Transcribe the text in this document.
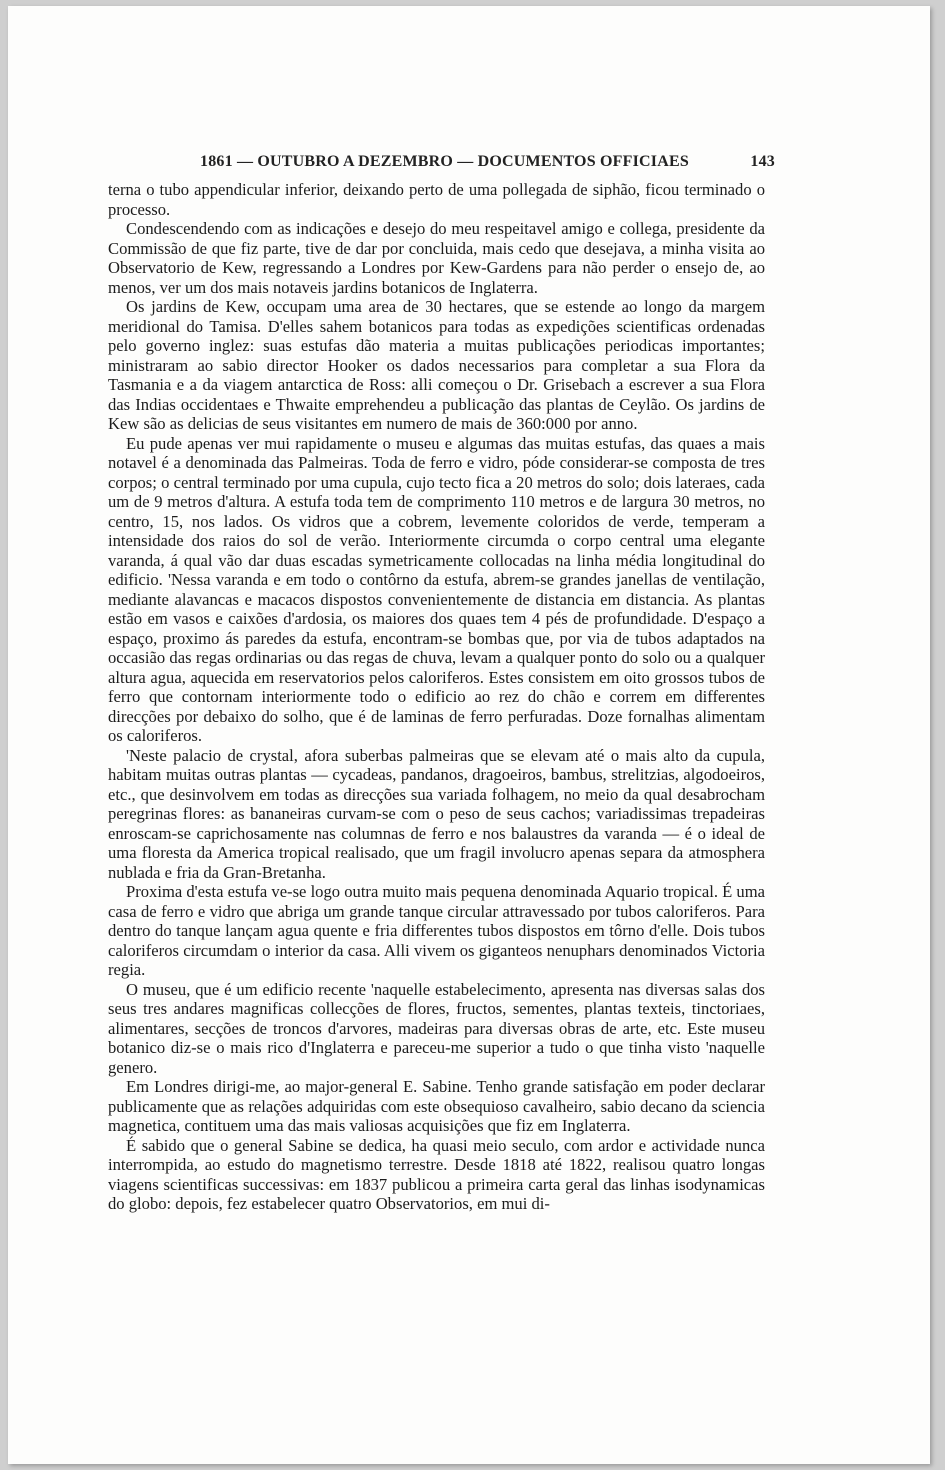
1861 — OUTUBRO A DEZEMBRO — DOCUMENTOS OFFICIAES	143

terna o tubo appendicular inferior, deixando perto de uma pollegada de siphão, ficou terminado o processo.

Condescendendo com as indicações e desejo do meu respeitavel amigo e collega, presidente da Commissão de que fiz parte, tive de dar por concluida, mais cedo que desejava, a minha visita ao Observatorio de Kew, regressando a Londres por Kew-Gardens para não perder o ensejo de, ao menos, ver um dos mais notaveis jardins botanicos de Inglaterra.

Os jardins de Kew, occupam uma area de 30 hectares, que se estende ao longo da margem meridional do Tamisa. D'elles sahem botanicos para todas as expedições scientificas ordenadas pelo governo inglez: suas estufas dão materia a muitas publicações periodicas importantes; ministraram ao sabio director Hooker os dados necessarios para completar a sua Flora da Tasmania e a da viagem antarctica de Ross: alli começou o Dr. Grisebach a escrever a sua Flora das Indias occidentaes e Thwaite emprehendeu a publicação das plantas de Ceylão. Os jardins de Kew são as delicias de seus visitantes em numero de mais de 360:000 por anno.

Eu pude apenas ver mui rapidamente o museu e algumas das muitas estufas, das quaes a mais notavel é a denominada das Palmeiras. Toda de ferro e vidro, póde considerar-se composta de tres corpos; o central terminado por uma cupula, cujo tecto fica a 20 metros do solo; dois lateraes, cada um de 9 metros d'altura. A estufa toda tem de comprimento 110 metros e de largura 30 metros, no centro, 15, nos lados. Os vidros que a cobrem, levemente coloridos de verde, temperam a intensidade dos raios do sol de verão. Interiormente circumda o corpo central uma elegante varanda, á qual vão dar duas escadas symetricamente collocadas na linha média longitudinal do edificio. 'Nessa varanda e em todo o contôrno da estufa, abrem-se grandes janellas de ventilação, mediante alavancas e macacos dispostos convenientemente de distancia em distancia. As plantas estão em vasos e caixões d'ardosia, os maiores dos quaes tem 4 pés de profundidade. D'espaço a espaço, proximo ás paredes da estufa, encontram-se bombas que, por via de tubos adaptados na occasião das regas ordinarias ou das regas de chuva, levam a qualquer ponto do solo ou a qualquer altura agua, aquecida em reservatorios pelos caloriferos. Estes consistem em oito grossos tubos de ferro que contornam interiormente todo o edificio ao rez do chão e correm em differentes direcções por debaixo do solho, que é de laminas de ferro perfuradas. Doze fornalhas alimentam os caloriferos.

'Neste palacio de crystal, afora suberbas palmeiras que se elevam até o mais alto da cupula, habitam muitas outras plantas — cycadeas, pandanos, dragoeiros, bambus, strelitzias, algodoeiros, etc., que desinvolvem em todas as direcções sua variada folhagem, no meio da qual desabrocham peregrinas flores: as bananeiras curvam-se com o peso de seus cachos; variadissimas trepadeiras enroscam-se caprichosamente nas columnas de ferro e nos balaustres da varanda — é o ideal de uma floresta da America tropical realisado, que um fragil involucro apenas separa da atmosphera nublada e fria da Gran-Bretanha.

Proxima d'esta estufa ve-se logo outra muito mais pequena denominada Aquario tropical. É uma casa de ferro e vidro que abriga um grande tanque circular attravessado por tubos caloriferos. Para dentro do tanque lançam agua quente e fria differentes tubos dispostos em tôrno d'elle. Dois tubos caloriferos circumdam o interior da casa. Alli vivem os giganteos nenuphars denominados Victoria regia.

O museu, que é um edificio recente 'naquelle estabelecimento, apresenta nas diversas salas dos seus tres andares magnificas collecções de flores, fructos, sementes, plantas texteis, tinctoriaes, alimentares, secções de troncos d'arvores, madeiras para diversas obras de arte, etc. Este museu botanico diz-se o mais rico d'Inglaterra e pareceu-me superior a tudo o que tinha visto 'naquelle genero.

Em Londres dirigi-me, ao major-general E. Sabine. Tenho grande satisfação em poder declarar publicamente que as relações adquiridas com este obsequioso cavalheiro, sabio decano da sciencia magnetica, contituem uma das mais valiosas acquisições que fiz em Inglaterra.

É sabido que o general Sabine se dedica, ha quasi meio seculo, com ardor e actividade nunca interrompida, ao estudo do magnetismo terrestre. Desde 1818 até 1822, realisou quatro longas viagens scientificas successivas: em 1837 publicou a primeira carta geral das linhas isodynamicas do globo: depois, fez estabelecer quatro Observatorios, em mui di-
